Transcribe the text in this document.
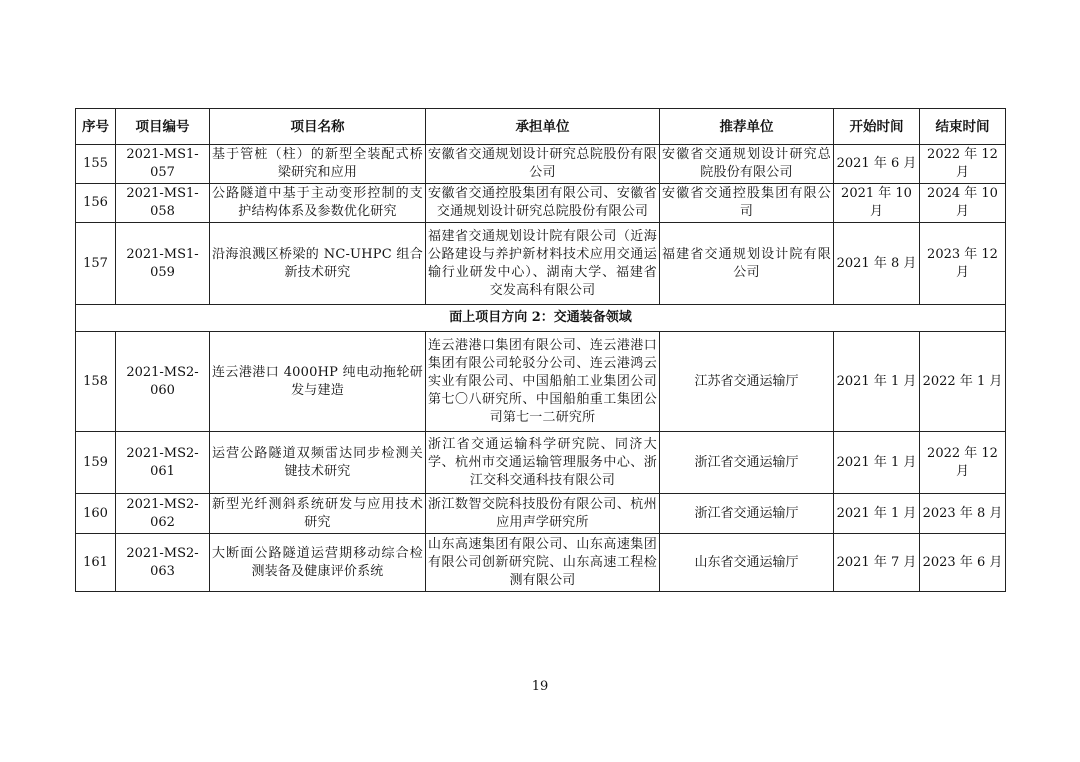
序号	项目编号	项目名称	承担单位	推荐单位	开始时间	结束时间
155	2021-MS1-057	基于管桩（柱）的新型全装配式桥梁研究和应用	安徽省交通规划设计研究总院股份有限公司	安徽省交通规划设计研究总院股份有限公司	2021 年 6 月	2022 年 12 月
156	2021-MS1-058	公路隧道中基于主动变形控制的支护结构体系及参数优化研究	安徽省交通控股集团有限公司、安徽省交通规划设计研究总院股份有限公司	安徽省交通控股集团有限公司	2021 年 10 月	2024 年 10 月
157	2021-MS1-059	沿海浪溅区桥梁的 NC-UHPC 组合新技术研究	福建省交通规划设计院有限公司（近海公路建设与养护新材料技术应用交通运输行业研发中心）、湖南大学、福建省交发高科有限公司	福建省交通规划设计院有限公司	2021 年 8 月	2023 年 12 月
面上项目方向 2：交通装备领域						
158	2021-MS2-060	连云港港口 4000HP 纯电动拖轮研发与建造	连云港港口集团有限公司、连云港港口集团有限公司轮驳分公司、连云港鸿云实业有限公司、中国船舶工业集团公司第七〇八研究所、中国船舶重工集团公司第七一二研究所	江苏省交通运输厅	2021 年 1 月	2022 年 1 月
159	2021-MS2-061	运营公路隧道双频雷达同步检测关键技术研究	浙江省交通运输科学研究院、同济大学、杭州市交通运输管理服务中心、浙江交科交通科技有限公司	浙江省交通运输厅	2021 年 1 月	2022 年 12 月
160	2021-MS2-062	新型光纤测斜系统研发与应用技术研究	浙江数智交院科技股份有限公司、杭州应用声学研究所	浙江省交通运输厅	2021 年 1 月	2023 年 8 月
161	2021-MS2-063	大断面公路隧道运营期移动综合检测装备及健康评价系统	山东高速集团有限公司、山东高速集团有限公司创新研究院、山东高速工程检测有限公司	山东省交通运输厅	2021 年 7 月	2023 年 6 月
19
